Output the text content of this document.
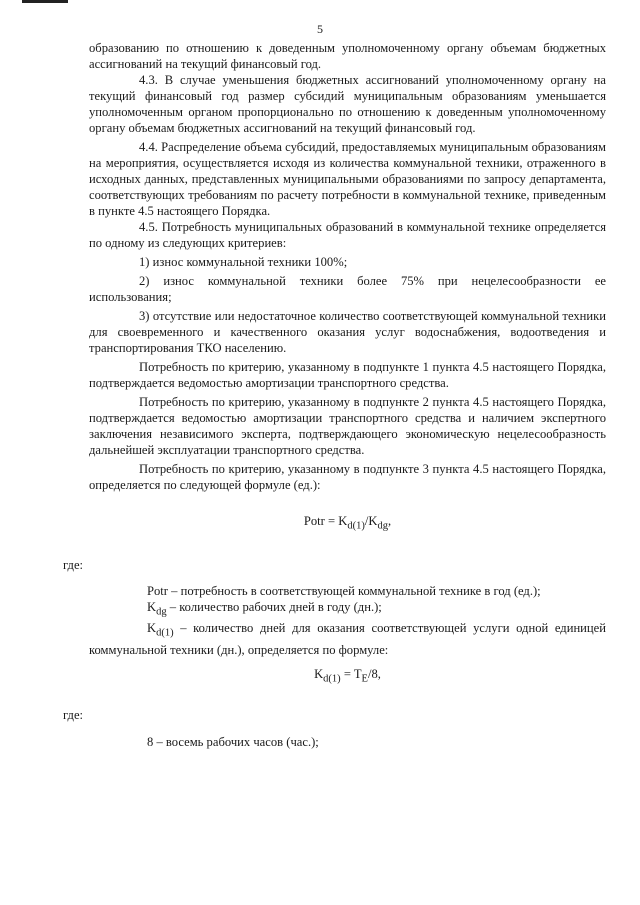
5

образованию по отношению к доведенным уполномоченному органу объемам бюджетных ассигнований на текущий финансовый год.

4.3. В случае уменьшения бюджетных ассигнований уполномоченному органу на текущий финансовый год размер субсидий муниципальным образованиям уменьшается уполномоченным органом пропорционально по отношению к доведенным уполномоченному органу объемам бюджетных ассигнований на текущий финансовый год.

4.4. Распределение объема субсидий, предоставляемых муниципальным образованиям на мероприятия, осуществляется исходя из количества коммунальной техники, отраженного в исходных данных, представленных муниципальными образованиями по запросу департамента, соответствующих требованиям по расчету потребности в коммунальной технике, приведенным в пункте 4.5 настоящего Порядка.

4.5. Потребность муниципальных образований в коммунальной технике определяется по одному из следующих критериев:

1) износ коммунальной техники 100%;

2) износ коммунальной техники более 75% при нецелесообразности ее использования;

3) отсутствие или недостаточное количество соответствующей коммунальной техники для своевременного и качественного оказания услуг водоснабжения, водоотведения и транспортирования ТКО населению.

Потребность по критерию, указанному в подпункте 1 пункта 4.5 настоящего Порядка, подтверждается ведомостью амортизации транспортного средства.

Потребность по критерию, указанному в подпункте 2 пункта 4.5 настоящего Порядка, подтверждается ведомостью амортизации транспортного средства и наличием экспертного заключения независимого эксперта, подтверждающего экономическую нецелесообразность дальнейшей эксплуатации транспортного средства.

Потребность по критерию, указанному в подпункте 3 пункта 4.5 настоящего Порядка, определяется по следующей формуле (ед.):

Potr = $K_{d(1)}/K_{dg}$,

где:

Potr – потребность в соответствующей коммунальной технике в год (ед.);

$K_{dg}$ – количество рабочих дней в году (дн.);

$K_{d(1)}$ – количество дней для оказания соответствующей услуги одной единицей коммунальной техники (дн.), определяется по формуле:

$K_{d(1)} = T_E/8$,

где:

8 – восемь рабочих часов (час.);
